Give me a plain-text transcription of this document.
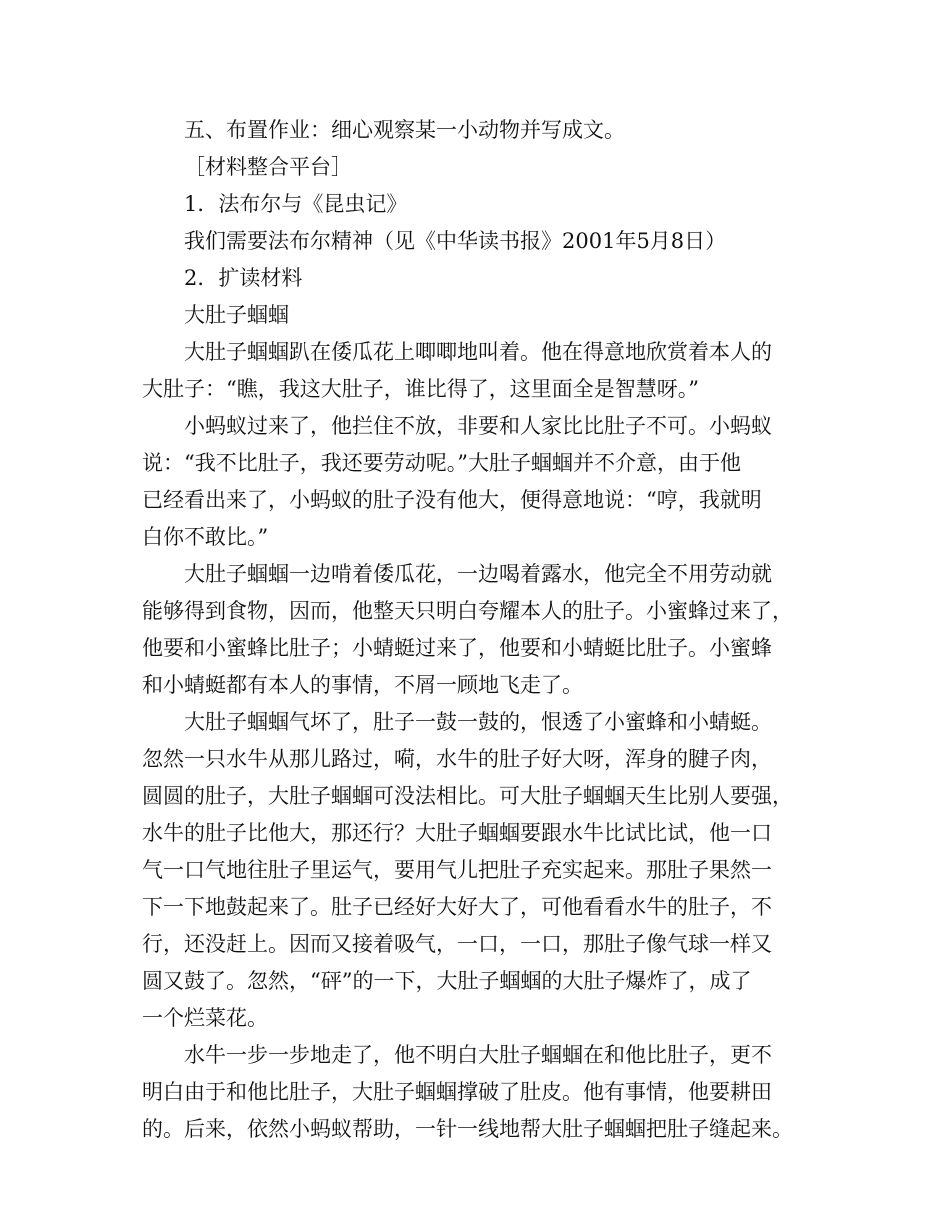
五、布置作业：细心观察某一小动物并写成文。
［材料整合平台］
1．法布尔与《昆虫记》
我们需要法布尔精神（见《中华读书报》2001年5月8日）
2．扩读材料
大肚子蝈蝈
大肚子蝈蝈趴在倭瓜花上唧唧地叫着。他在得意地欣赏着本人的
大肚子：“瞧，我这大肚子，谁比得了，这里面全是智慧呀。”
小蚂蚁过来了，他拦住不放，非要和人家比比肚子不可。小蚂蚁
说：“我不比肚子，我还要劳动呢。”大肚子蝈蝈并不介意，由于他
已经看出来了，小蚂蚁的肚子没有他大，便得意地说：“哼，我就明
白你不敢比。”
大肚子蝈蝈一边啃着倭瓜花，一边喝着露水，他完全不用劳动就
能够得到食物，因而，他整天只明白夸耀本人的肚子。小蜜蜂过来了，
他要和小蜜蜂比肚子；小蜻蜓过来了，他要和小蜻蜓比肚子。小蜜蜂
和小蜻蜓都有本人的事情，不屑一顾地飞走了。
大肚子蝈蝈气坏了，肚子一鼓一鼓的，恨透了小蜜蜂和小蜻蜓。
忽然一只水牛从那儿路过，嗬，水牛的肚子好大呀，浑身的腱子肉，
圆圆的肚子，大肚子蝈蝈可没法相比。可大肚子蝈蝈天生比别人要强，
水牛的肚子比他大，那还行？大肚子蝈蝈要跟水牛比试比试，他一口
气一口气地往肚子里运气，要用气儿把肚子充实起来。那肚子果然一
下一下地鼓起来了。肚子已经好大好大了，可他看看水牛的肚子，不
行，还没赶上。因而又接着吸气，一口，一口，那肚子像气球一样又
圆又鼓了。忽然，“砰”的一下，大肚子蝈蝈的大肚子爆炸了，成了
一个烂菜花。
水牛一步一步地走了，他不明白大肚子蝈蝈在和他比肚子，更不
明白由于和他比肚子，大肚子蝈蝈撑破了肚皮。他有事情，他要耕田
的。后来，依然小蚂蚁帮助，一针一线地帮大肚子蝈蝈把肚子缝起来。
